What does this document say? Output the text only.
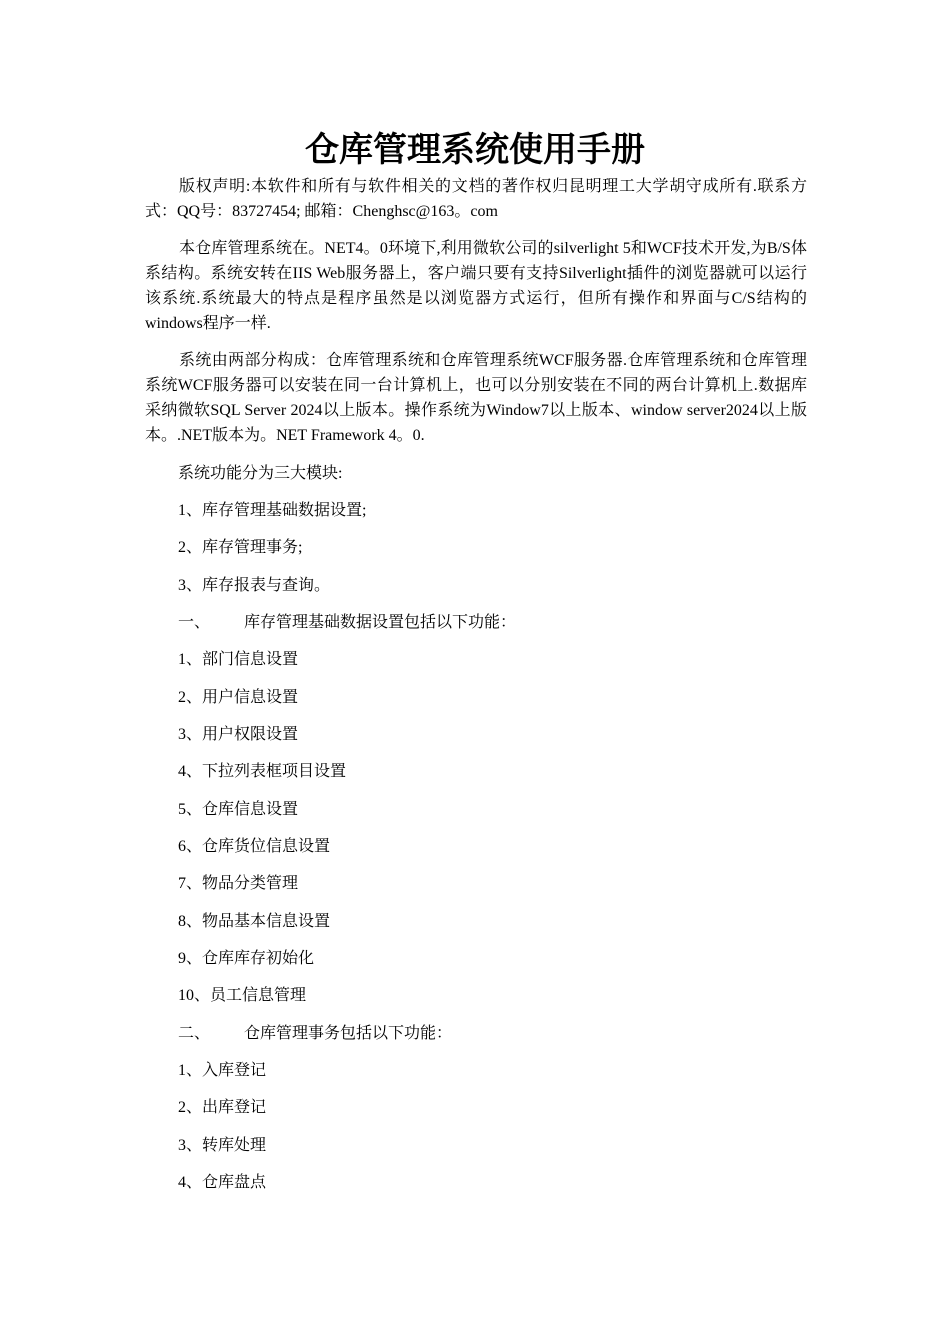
仓库管理系统使用手册

版权声明:本软件和所有与软件相关的文档的著作权归昆明理工大学胡守成所有.联系方式：QQ号：83727454; 邮箱：Chenghsc@163。com

本仓库管理系统在。NET4。0环境下,利用微软公司的silverlight 5和WCF技术开发,为B/S体系结构。系统安转在IIS Web服务器上，客户端只要有支持Silverlight插件的浏览器就可以运行该系统.系统最大的特点是程序虽然是以浏览器方式运行，但所有操作和界面与C/S结构的windows程序一样.

系统由两部分构成：仓库管理系统和仓库管理系统WCF服务器.仓库管理系统和仓库管理系统WCF服务器可以安装在同一台计算机上，也可以分别安装在不同的两台计算机上.数据库采纳微软SQL Server 2024以上版本。操作系统为Window7以上版本、window server2024以上版本。.NET版本为。NET Framework 4。0.

系统功能分为三大模块:
1、库存管理基础数据设置;
2、库存管理事务;
3、库存报表与查询。
一、 库存管理基础数据设置包括以下功能：
1、部门信息设置
2、用户信息设置
3、用户权限设置
4、下拉列表框项目设置
5、仓库信息设置
6、仓库货位信息设置
7、物品分类管理
8、物品基本信息设置
9、仓库库存初始化
10、员工信息管理
二、 仓库管理事务包括以下功能：
1、入库登记
2、出库登记
3、转库处理
4、仓库盘点
